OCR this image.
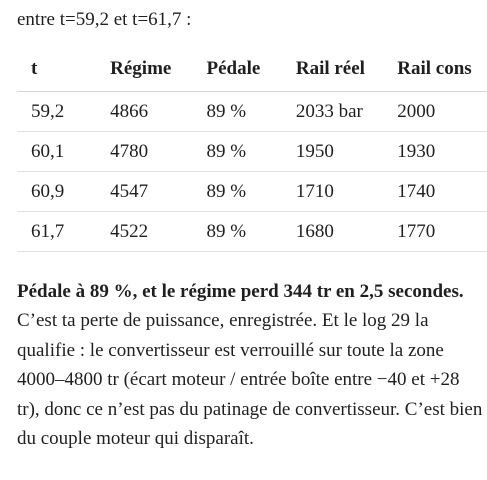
entre t=59,2 et t=61,7 :
t	Régime	Pédale	Rail réel	Rail cons
59,2	4866	89 %	2033 bar	2000
60,1	4780	89 %	1950	1930
60,9	4547	89 %	1710	1740
61,7	4522	89 %	1680	1770

Pédale à 89 %, et le régime perd 344 tr en 2,5 secondes. C’est ta perte de puissance, enregistrée. Et le log 29 la qualifie : le convertisseur est verrouillé sur toute la zone 4000–4800 tr (écart moteur / entrée boîte entre −40 et +28 tr), donc ce n’est pas du patinage de convertisseur. C’est bien du couple moteur qui disparaît.
